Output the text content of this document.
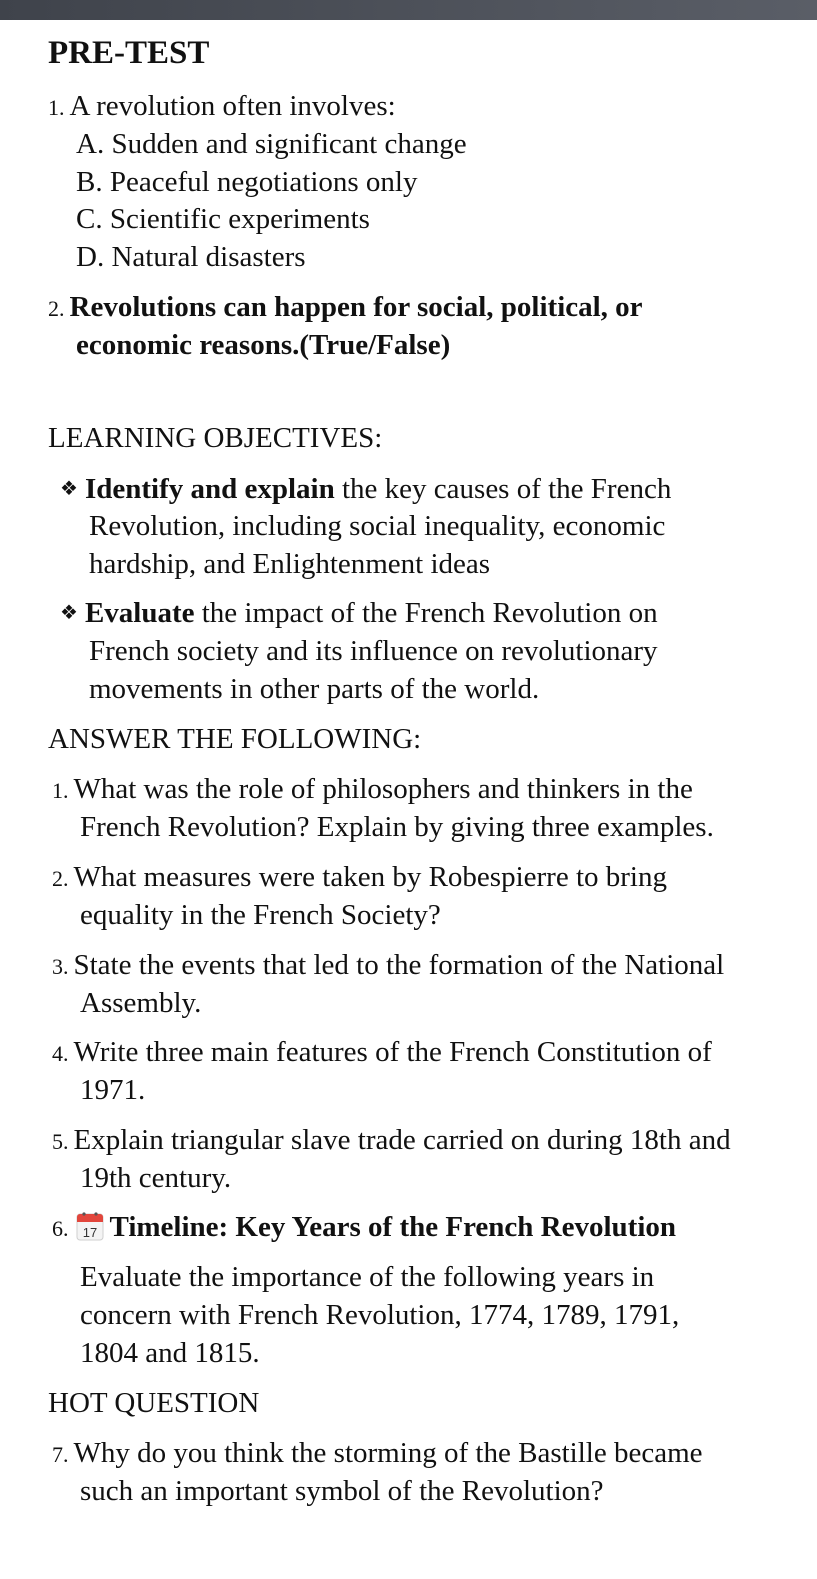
PRE-TEST
1. A revolution often involves:
A. Sudden and significant change
B. Peaceful negotiations only
C. Scientific experiments
D. Natural disasters
2. Revolutions can happen for social, political, or
economic reasons.(True/False)
LEARNING OBJECTIVES:
❖ Identify and explain the key causes of the French
Revolution, including social inequality, economic
hardship, and Enlightenment ideas
❖ Evaluate the impact of the French Revolution on
French society and its influence on revolutionary
movements in other parts of the world.
ANSWER THE FOLLOWING:
1. What was the role of philosophers and thinkers in the
French Revolution? Explain by giving three examples.
2. What measures were taken by Robespierre to bring
equality in the French Society?
3. State the events that led to the formation of the National
Assembly.
4. Write three main features of the French Constitution of
1971.
5. Explain triangular slave trade carried on during 18th and
19th century.
6. 17 Timeline: Key Years of the French Revolution
Evaluate the importance of the following years in
concern with French Revolution, 1774, 1789, 1791,
1804 and 1815.
HOT QUESTION
7. Why do you think the storming of the Bastille became
such an important symbol of the Revolution?
